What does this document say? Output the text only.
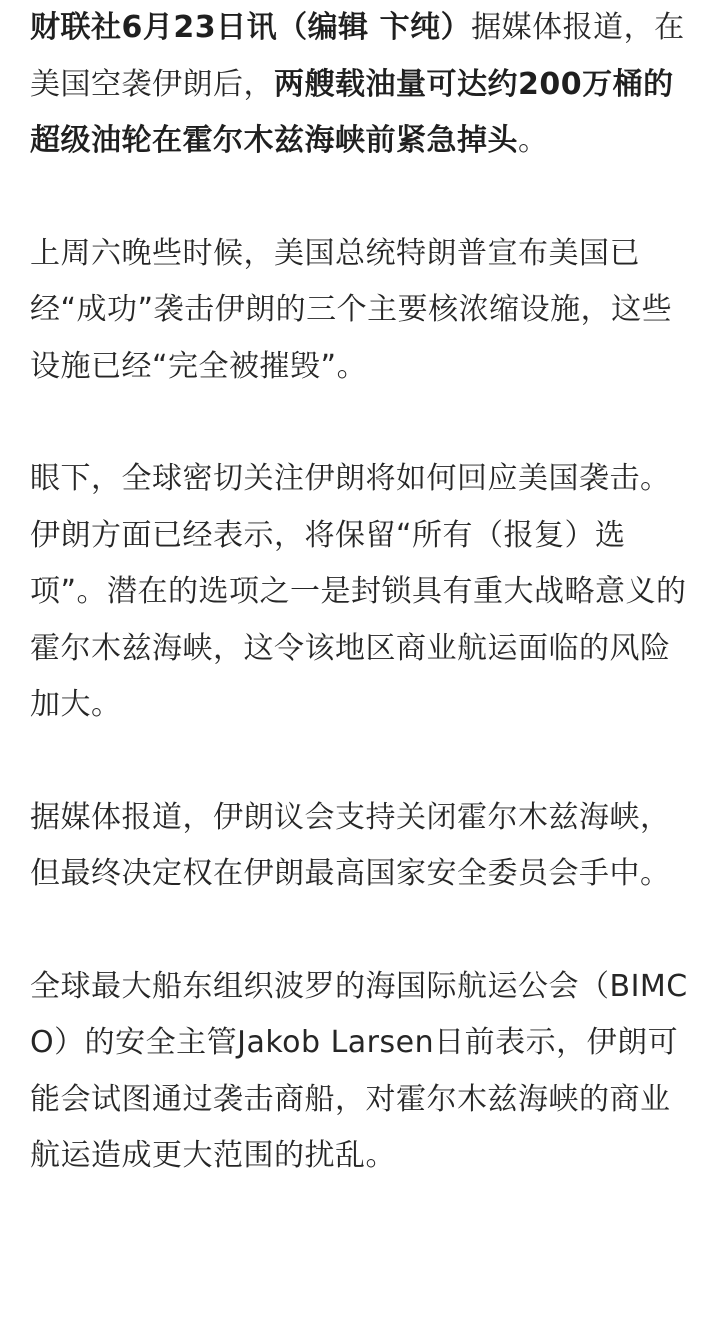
财联社6月23日讯（编辑 卞纯）据媒体报道，在美国空袭伊朗后，两艘载油量可达约200万桶的超级油轮在霍尔木兹海峡前紧急掉头。

上周六晚些时候，美国总统特朗普宣布美国已经“成功”袭击伊朗的三个主要核浓缩设施，这些设施已经“完全被摧毁”。

眼下，全球密切关注伊朗将如何回应美国袭击。伊朗方面已经表示，将保留“所有（报复）选项”。潜在的选项之一是封锁具有重大战略意义的霍尔木兹海峡，这令该地区商业航运面临的风险加大。

据媒体报道，伊朗议会支持关闭霍尔木兹海峡，但最终决定权在伊朗最高国家安全委员会手中。

全球最大船东组织波罗的海国际航运公会（BIMCO）的安全主管Jakob Larsen日前表示，伊朗可能会试图通过袭击商船，对霍尔木兹海峡的商业航运造成更大范围的扰乱。
